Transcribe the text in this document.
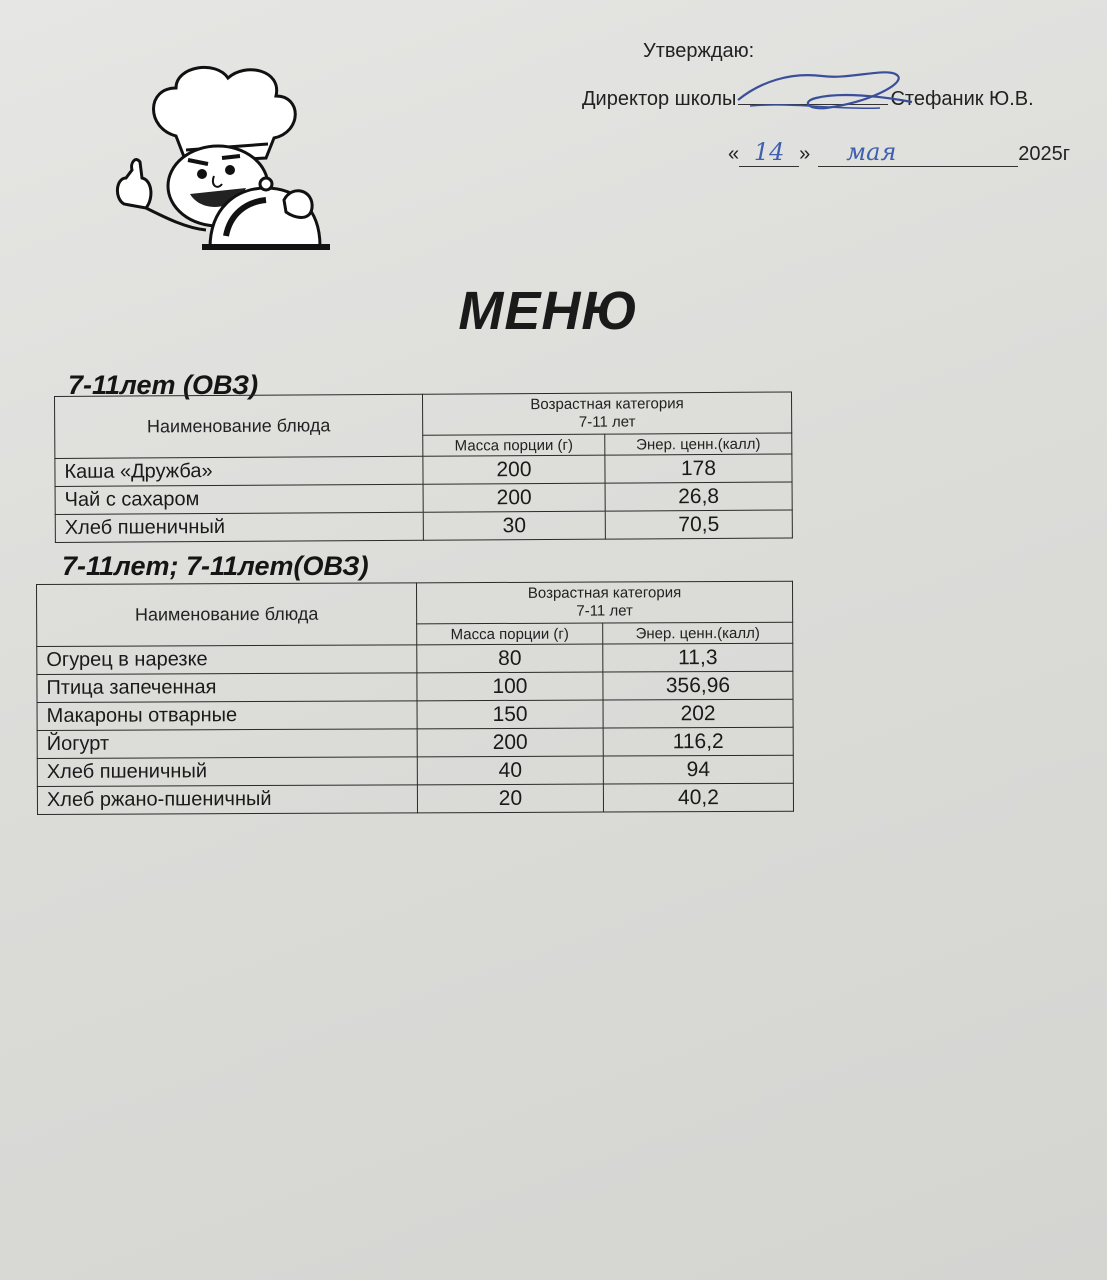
Утверждаю:
Директор школы	Стефаник Ю.В.
« 14 » мая	2025г
МЕНЮ
7-11лет (ОВЗ)
Наименование блюда	Возрастная категория
7-11 лет	

	Масса порции (г)	Энер. ценн.(калл)
Каша «Дружба»	200	178
Чай с сахаром	200	26,8
Хлеб пшеничный	30	70,5
7-11лет; 7-11лет(ОВЗ)
Наименование блюда	Возрастная категория
7-11 лет	

	Масса порции (г)	Энер. ценн.(калл)
Огурец в нарезке	80	11,3
Птица запеченная	100	356,96
Макароны отварные	150	202
Йогурт	200	116,2
Хлеб пшеничный	40	94
Хлеб ржано-пшеничный	20	40,2
